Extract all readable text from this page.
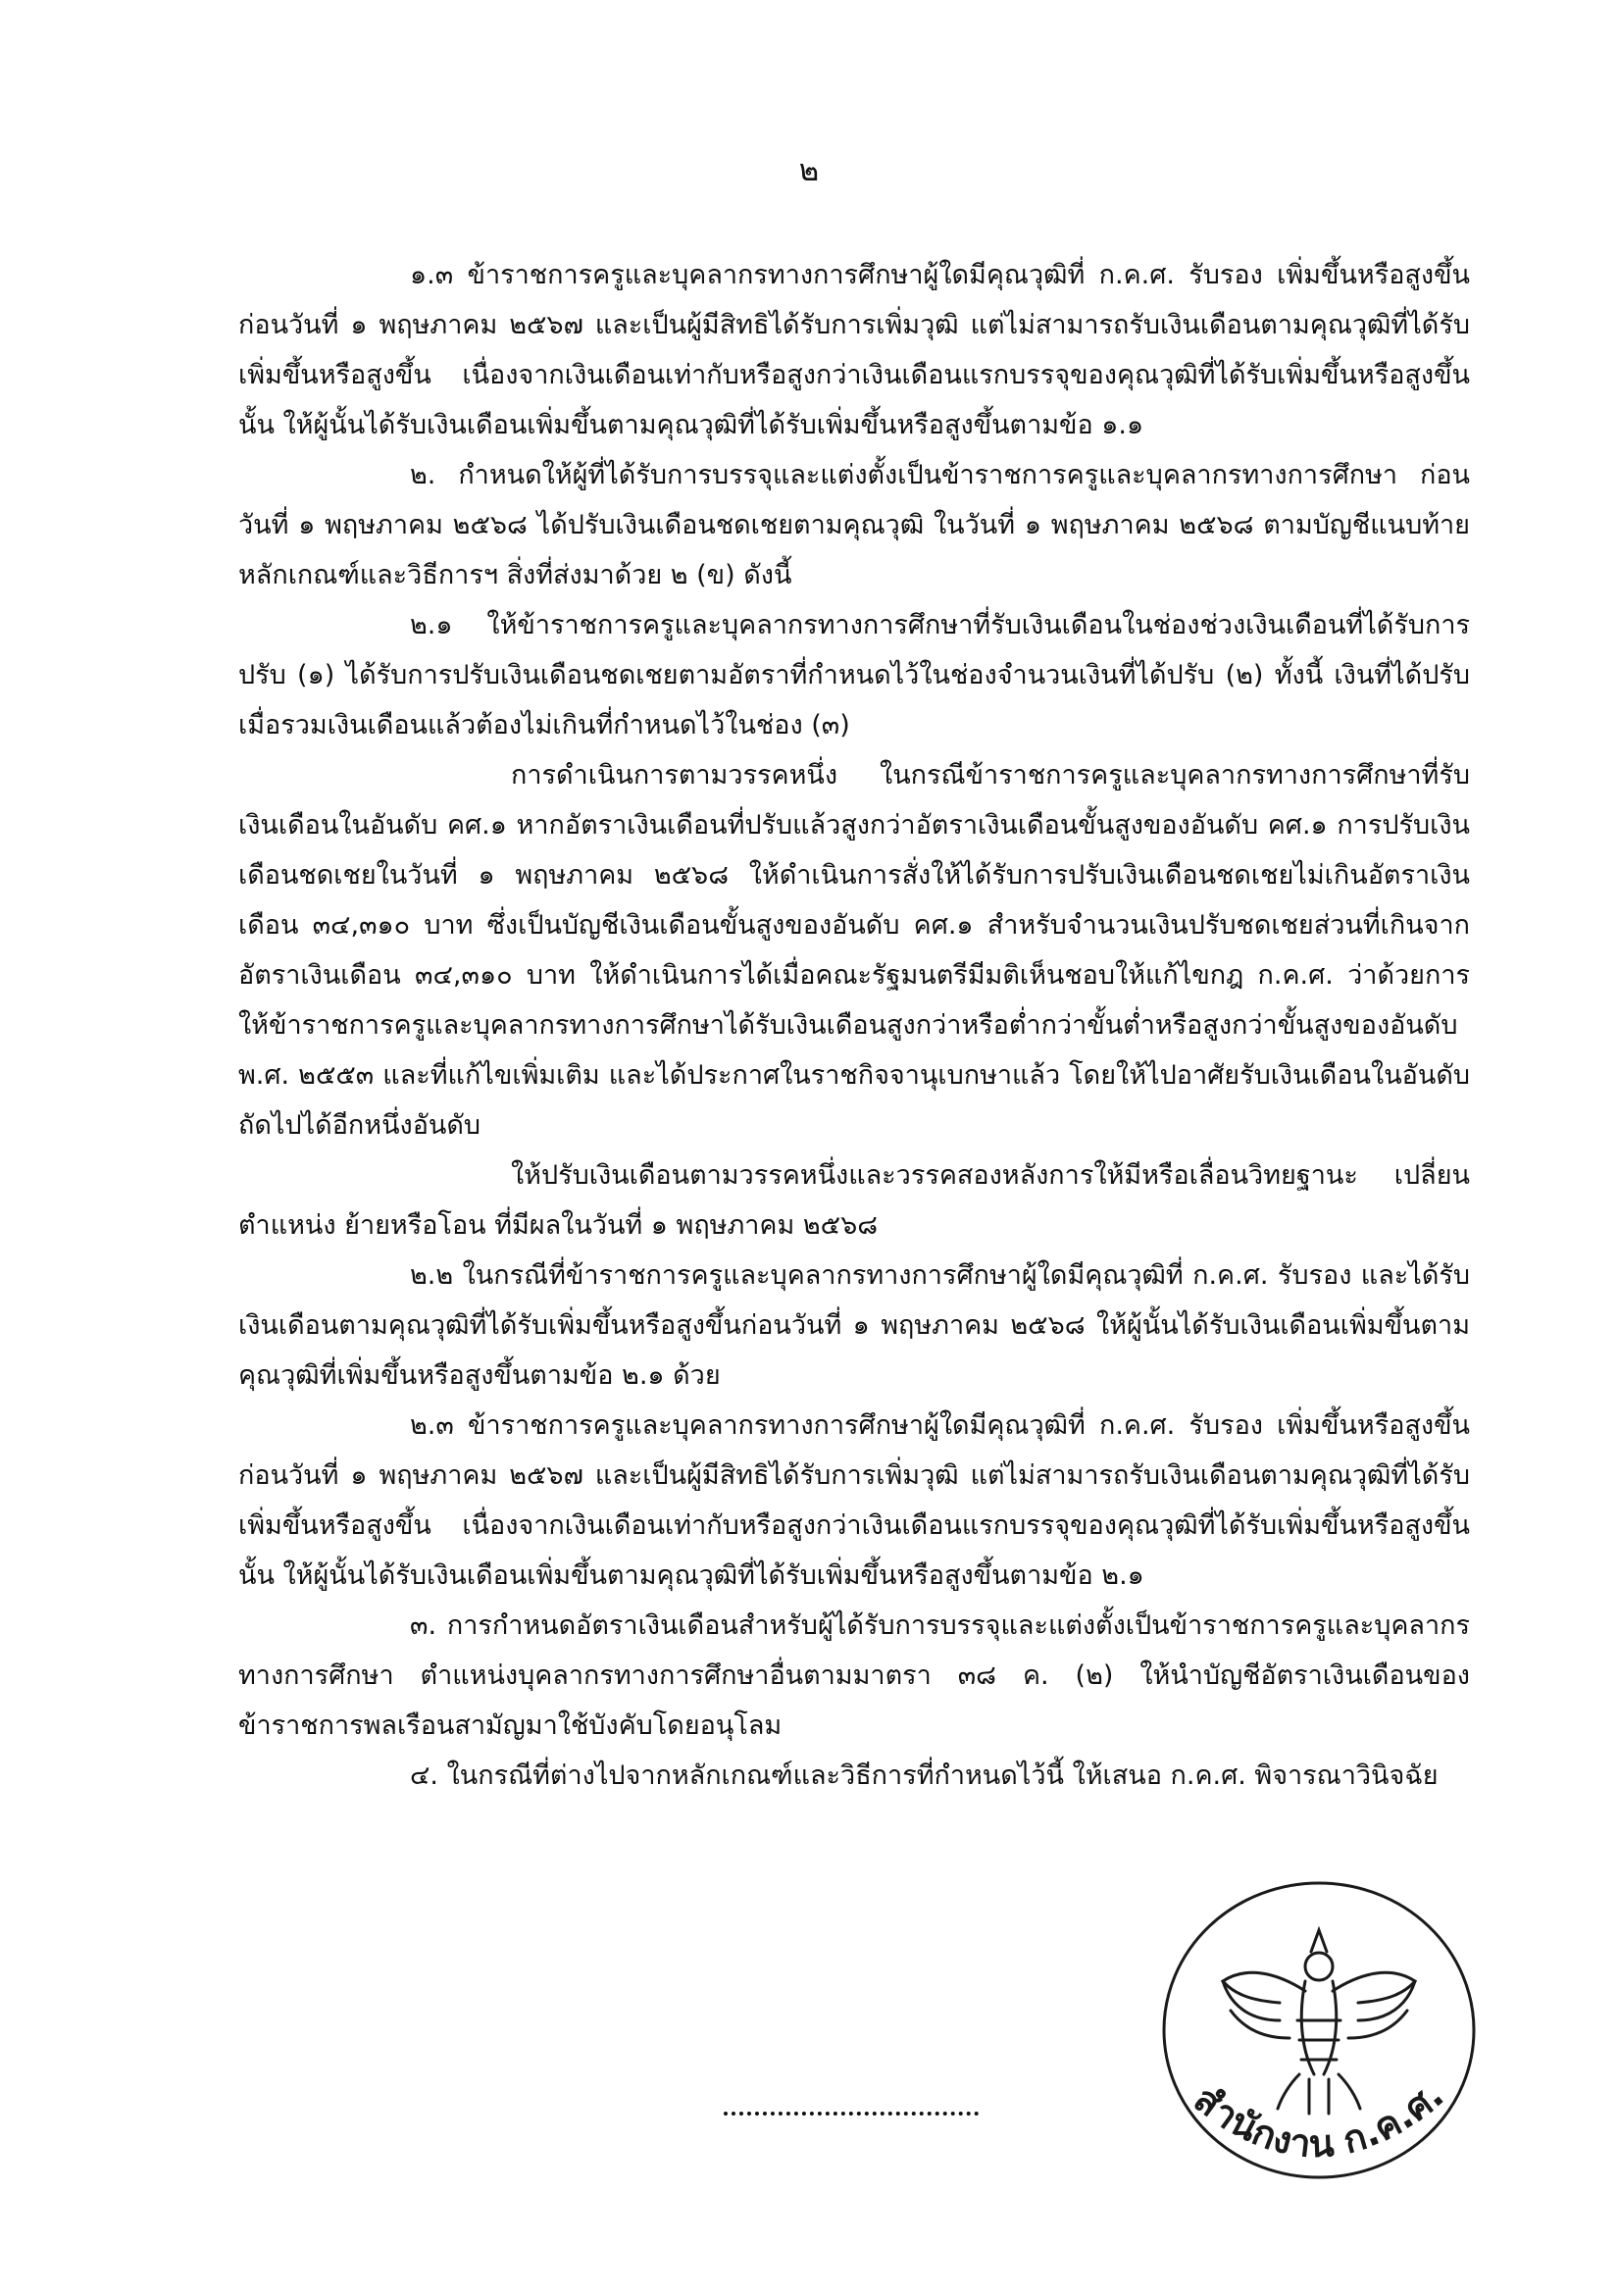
๒

๑.๓ ข้าราชการครูและบุคลากรทางการศึกษาผู้ใดมีคุณวุฒิที่ ก.ค.ศ. รับรอง เพิ่มขึ้นหรือสูงขึ้น ก่อนวันที่ ๑ พฤษภาคม ๒๕๖๗ และเป็นผู้มีสิทธิได้รับการเพิ่มวุฒิ แต่ไม่สามารถรับเงินเดือนตามคุณวุฒิที่ได้รับเพิ่มขึ้นหรือสูงขึ้น เนื่องจากเงินเดือนเท่ากับหรือสูงกว่าเงินเดือนแรกบรรจุของคุณวุฒิที่ได้รับเพิ่มขึ้นหรือสูงขึ้นนั้น ให้ผู้นั้นได้รับเงินเดือนเพิ่มขึ้นตามคุณวุฒิที่ได้รับเพิ่มขึ้นหรือสูงขึ้นตามข้อ ๑.๑

๒. กำหนดให้ผู้ที่ได้รับการบรรจุและแต่งตั้งเป็นข้าราชการครูและบุคลากรทางการศึกษา ก่อนวันที่ ๑ พฤษภาคม ๒๕๖๘ ได้ปรับเงินเดือนชดเชยตามคุณวุฒิ ในวันที่ ๑ พฤษภาคม ๒๕๖๘ ตามบัญชีแนบท้ายหลักเกณฑ์และวิธีการฯ สิ่งที่ส่งมาด้วย ๒ (ข) ดังนี้

๒.๑ ให้ข้าราชการครูและบุคลากรทางการศึกษาที่รับเงินเดือนในช่องช่วงเงินเดือนที่ได้รับการปรับ (๑) ได้รับการปรับเงินเดือนชดเชยตามอัตราที่กำหนดไว้ในช่องจำนวนเงินที่ได้ปรับ (๒) ทั้งนี้ เงินที่ได้ปรับเมื่อรวมเงินเดือนแล้วต้องไม่เกินที่กำหนดไว้ในช่อง (๓)

การดำเนินการตามวรรคหนึ่ง ในกรณีข้าราชการครูและบุคลากรทางการศึกษาที่รับเงินเดือนในอันดับ คศ.๑ หากอัตราเงินเดือนที่ปรับแล้วสูงกว่าอัตราเงินเดือนขั้นสูงของอันดับ คศ.๑ การปรับเงินเดือนชดเชยในวันที่ ๑ พฤษภาคม ๒๕๖๘ ให้ดำเนินการสั่งให้ได้รับการปรับเงินเดือนชดเชยไม่เกินอัตราเงินเดือน ๓๔,๓๑๐ บาท ซึ่งเป็นบัญชีเงินเดือนขั้นสูงของอันดับ คศ.๑ สำหรับจำนวนเงินปรับชดเชยส่วนที่เกินจากอัตราเงินเดือน ๓๔,๓๑๐ บาท ให้ดำเนินการได้เมื่อคณะรัฐมนตรีมีมติเห็นชอบให้แก้ไขกฎ ก.ค.ศ. ว่าด้วยการให้ข้าราชการครูและบุคลากรทางการศึกษาได้รับเงินเดือนสูงกว่าหรือต่ำกว่าขั้นต่ำหรือสูงกว่าขั้นสูงของอันดับ พ.ศ. ๒๕๕๓ และที่แก้ไขเพิ่มเติม และได้ประกาศในราชกิจจานุเบกษาแล้ว โดยให้ไปอาศัยรับเงินเดือนในอันดับถัดไปได้อีกหนึ่งอันดับ

ให้ปรับเงินเดือนตามวรรคหนึ่งและวรรคสองหลังการให้มีหรือเลื่อนวิทยฐานะ เปลี่ยนตำแหน่ง ย้ายหรือโอน ที่มีผลในวันที่ ๑ พฤษภาคม ๒๕๖๘

๒.๒ ในกรณีที่ข้าราชการครูและบุคลากรทางการศึกษาผู้ใดมีคุณวุฒิที่ ก.ค.ศ. รับรอง และได้รับเงินเดือนตามคุณวุฒิที่ได้รับเพิ่มขึ้นหรือสูงขึ้นก่อนวันที่ ๑ พฤษภาคม ๒๕๖๘ ให้ผู้นั้นได้รับเงินเดือนเพิ่มขึ้นตามคุณวุฒิที่เพิ่มขึ้นหรือสูงขึ้นตามข้อ ๒.๑ ด้วย

๒.๓ ข้าราชการครูและบุคลากรทางการศึกษาผู้ใดมีคุณวุฒิที่ ก.ค.ศ. รับรอง เพิ่มขึ้นหรือสูงขึ้น ก่อนวันที่ ๑ พฤษภาคม ๒๕๖๗ และเป็นผู้มีสิทธิได้รับการเพิ่มวุฒิ แต่ไม่สามารถรับเงินเดือนตามคุณวุฒิที่ได้รับเพิ่มขึ้นหรือสูงขึ้น เนื่องจากเงินเดือนเท่ากับหรือสูงกว่าเงินเดือนแรกบรรจุของคุณวุฒิที่ได้รับเพิ่มขึ้นหรือสูงขึ้นนั้น ให้ผู้นั้นได้รับเงินเดือนเพิ่มขึ้นตามคุณวุฒิที่ได้รับเพิ่มขึ้นหรือสูงขึ้นตามข้อ ๒.๑

๓. การกำหนดอัตราเงินเดือนสำหรับผู้ได้รับการบรรจุและแต่งตั้งเป็นข้าราชการครูและบุคลากรทางการศึกษา ตำแหน่งบุคลากรทางการศึกษาอื่นตามมาตรา ๓๘ ค. (๒) ให้นำบัญชีอัตราเงินเดือนของข้าราชการพลเรือนสามัญมาใช้บังคับโดยอนุโลม

๔. ในกรณีที่ต่างไปจากหลักเกณฑ์และวิธีการที่กำหนดไว้นี้ ให้เสนอ ก.ค.ศ. พิจารณาวินิจฉัย

สำนักงาน ก.ค.ศ.
